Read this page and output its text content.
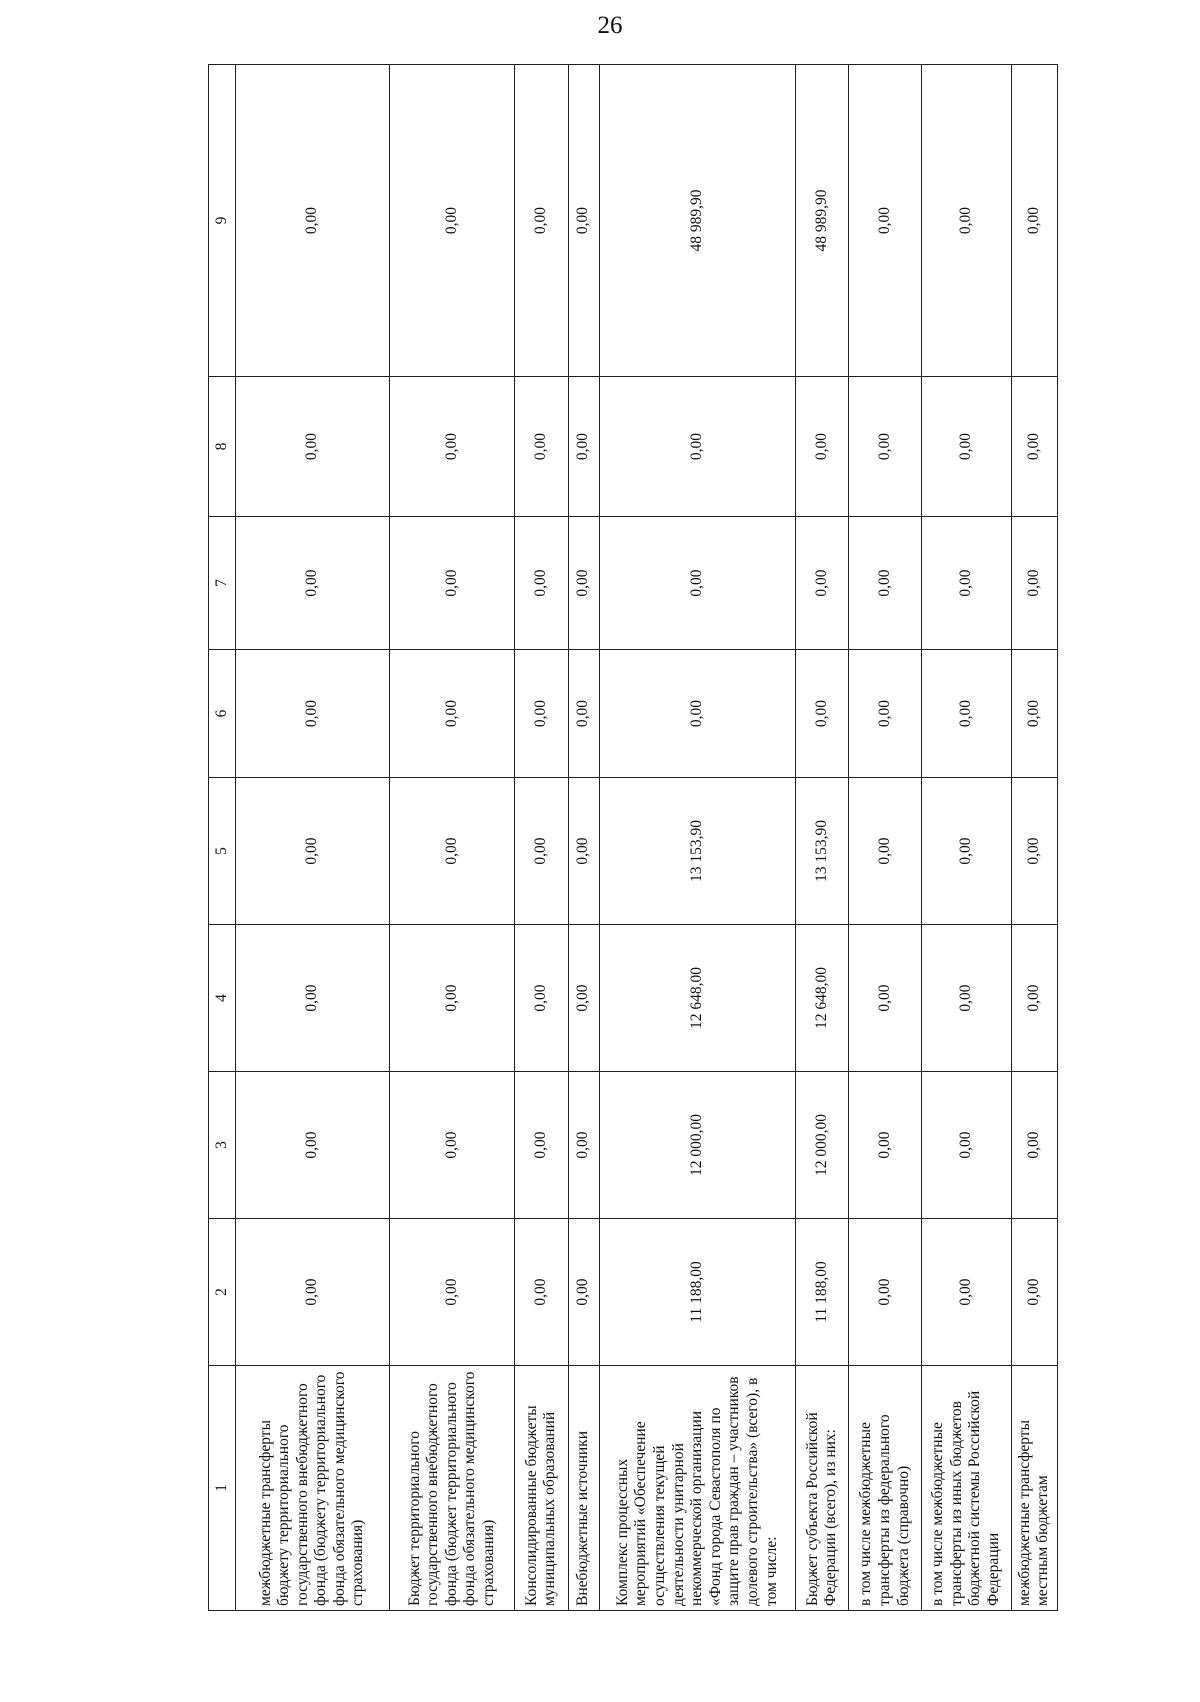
26
1	2	3	4	5	6	7	8	9
межбюджетные трансферты бюджету территориального государственного внебюджетного фонда (бюджету территориального фонда обязательного медицинского страхования)	0,00	0,00	0,00	0,00	0,00	0,00	0,00	0,00
Бюджет территориального государственного внебюджетного фонда (бюджет территориального фонда обязательного медицинского страхования)	0,00	0,00	0,00	0,00	0,00	0,00	0,00	0,00
Консолидированные бюджеты муниципальных образований	0,00	0,00	0,00	0,00	0,00	0,00	0,00	0,00
Внебюджетные источники	0,00	0,00	0,00	0,00	0,00	0,00	0,00	0,00
Комплекс процессных мероприятий «Обеспечение осуществления текущей деятельности унитарной некоммерческой организации «Фонд города Севастополя по защите прав граждан – участников долевого строительства» (всего), в том числе:	11 188,00	12 000,00	12 648,00	13 153,90	0,00	0,00	0,00	48 989,90
Бюджет субъекта Российской Федерации (всего), из них:	11 188,00	12 000,00	12 648,00	13 153,90	0,00	0,00	0,00	48 989,90
в том числе межбюджетные трансферты из федерального бюджета (справочно)	0,00	0,00	0,00	0,00	0,00	0,00	0,00	0,00
в том числе межбюджетные трансферты из иных бюджетов бюджетной системы Российской Федерации	0,00	0,00	0,00	0,00	0,00	0,00	0,00	0,00
межбюджетные трансферты местным бюджетам	0,00	0,00	0,00	0,00	0,00	0,00	0,00	0,00
